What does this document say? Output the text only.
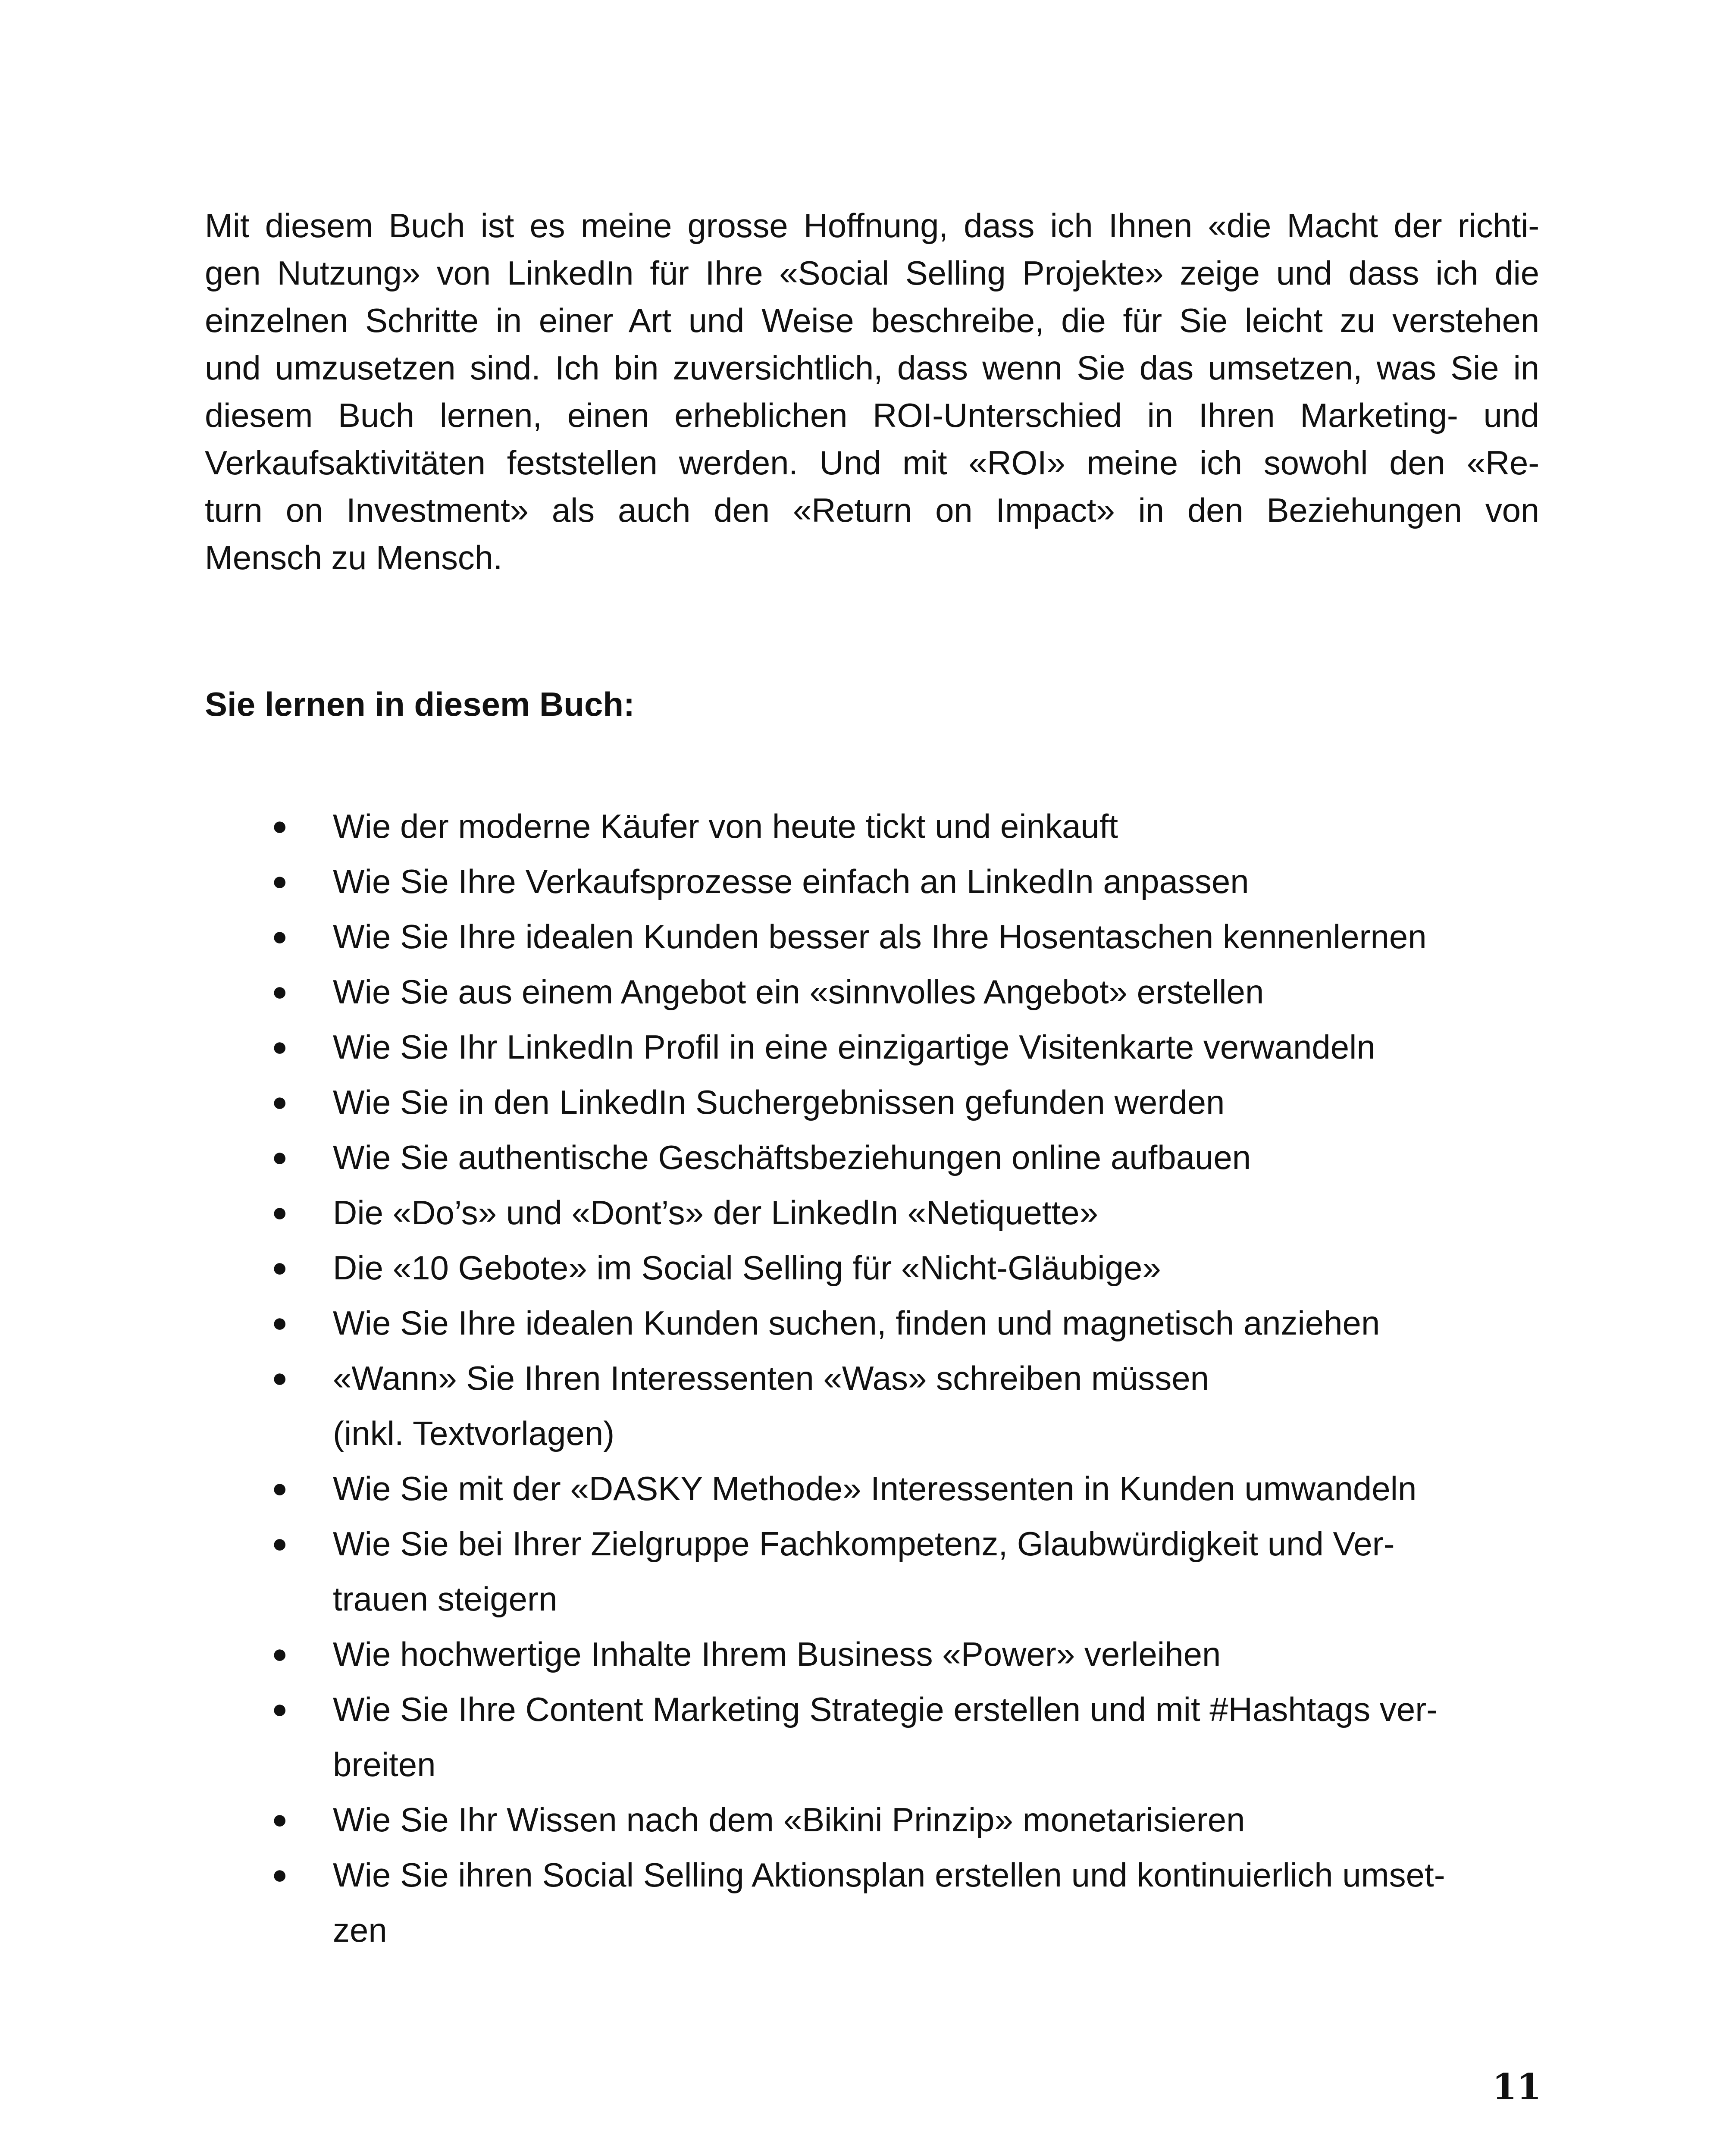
Mit diesem Buch ist es meine grosse Hoffnung, dass ich Ihnen «die Macht der richti-
gen Nutzung» von LinkedIn für Ihre «Social Selling Projekte» zeige und dass ich die
einzelnen Schritte in einer Art und Weise beschreibe, die für Sie leicht zu verstehen
und umzusetzen sind. Ich bin zuversichtlich, dass wenn Sie das umsetzen, was Sie in
diesem Buch lernen, einen erheblichen ROI-Unterschied in Ihren Marketing- und
Verkaufsaktivitäten feststellen werden. Und mit «ROI» meine ich sowohl den «Re-
turn on Investment» als auch den «Return on Impact» in den Beziehungen von
Mensch zu Mensch.
Sie lernen in diesem Buch:
● Wie der moderne Käufer von heute tickt und einkauft
● Wie Sie Ihre Verkaufsprozesse einfach an LinkedIn anpassen
● Wie Sie Ihre idealen Kunden besser als Ihre Hosentaschen kennenlernen
● Wie Sie aus einem Angebot ein «sinnvolles Angebot» erstellen
● Wie Sie Ihr LinkedIn Profil in eine einzigartige Visitenkarte verwandeln
● Wie Sie in den LinkedIn Suchergebnissen gefunden werden
● Wie Sie authentische Geschäftsbeziehungen online aufbauen
● Die «Do’s» und «Dont’s» der LinkedIn «Netiquette»
● Die «10 Gebote» im Social Selling für «Nicht-Gläubige»
● Wie Sie Ihre idealen Kunden suchen, finden und magnetisch anziehen
● «Wann» Sie Ihren Interessenten «Was» schreiben müssen
(inkl. Textvorlagen)
● Wie Sie mit der «DASKY Methode» Interessenten in Kunden umwandeln
● Wie Sie bei Ihrer Zielgruppe Fachkompetenz, Glaubwürdigkeit und Ver-
trauen steigern
● Wie hochwertige Inhalte Ihrem Business «Power» verleihen
● Wie Sie Ihre Content Marketing Strategie erstellen und mit #Hashtags ver-
breiten
● Wie Sie Ihr Wissen nach dem «Bikini Prinzip» monetarisieren
● Wie Sie ihren Social Selling Aktionsplan erstellen und kontinuierlich umset-
zen

11
